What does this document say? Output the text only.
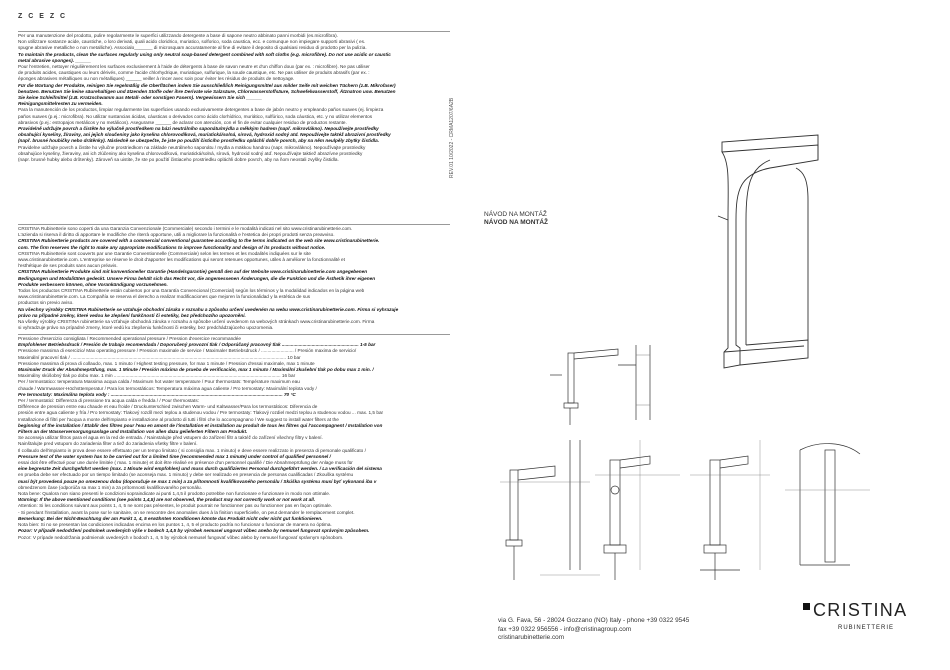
Z C E Z C
Per una manutenzione del prodotto, pulire regolarmente le superfici utilizzando detergente a base di sapone neutro abbinato panni morbidi (es.microfibra).
Non utilizzare sostanze acide, caustiche, o loro derivati, quali acido cloridrico, muriatico, solforico, soda caustica, ecc. e comunque non impiegare supporti abrasivi ( es.
spugne abrasive metalliche o non metalliche). Associalo_______ di microsquam accuratamente al fine di evitare il deposito di qualsiasi residuo di prodotto per la pulizia.
To maintain the products, clean the surfaces regularly using only neutral soap-based detergent combined with soft cloths (e.g. microfibre). Do not use acidic or caustic
metal abrasive sponges). ______
Pour l'entretien, nettoyer régulièrement les surfaces exclusivement à l'aide de détergents à base de savon neutre et d'un chiffon doux (par ex. : microfibre). Ne pas utiliser
de produits acides, caustiques ou leurs dérivés, comme l'acide chlorhydrique, muriatique, sulfurique, la soude caustique, etc. Ne pas utiliser de produits abrasifs (par ex. :
éponges abrasives métalliques ou non métalliques) ______ veiller à rincer avec soin pour éviter les résidus de produits de nettoyage.
Für die Wartung der Produkte, reinigen Sie regelmäßig die Oberflächen indem Sie ausschließlich Reinigungsmittel aus milder Seife mit weichen Tüchern (z.B. Mikrofaser)
benutzen. Benutzen Sie keine säurehaltigen und ätzenden Stoffe oder ihre Derivate wie Salzsäure, Chlorwasserstoffsäure, Schwefelwasserstoff, Ätznatron usw. Benutzen
Sie keine Schleifmittel (z.B. Kratzschwamm aus Metall- oder sonstigen Fasern). Vergewissern Sie sich ______
Reinigungsmittelresten zu vermeiden.
Para la manutención de los productos, limpiar regularmente las superficies usando exclusivamente detergentes a base de jabón neutro y empleando paños suaves (ej. limpieza
paños suaves (p.ej.: microfibra). No utilizar sustancias ácidas, cáusticas o derivados como ácido clorhídrico, muriático, sulfúrico, soda cáustica, etc. y no utilizar elementos
abrasivos (p.ej.: estropajos metálicos y no metálicos). Asegurarse ______ de aclarar con atención, con el fin de evitar cualquier residuo de productos restante.
Pravidelně udržujte povrch a čistěte ho výlučně prostředkem na bázi neutrálního saponátu/mýdla a měkkým hadrem (např. mikrovlákno). Nepoužívejte prostředky
obsahující kyseliny, žíraviny, ani jejich sloučeniny jako kyselina chlorovodíková, muriatická/solná, sírová, hydroxid sodný atd. Nepoužívejte taktéž abrazivní prostředky
(např. brusné houbičky nebo drátěnky). Následně se ubezpečte, že jste po použití čisticího prostředku opláchli dobře povrch, aby na něm neulpěly zbytky čistidla.
Pravidelne udržujte povrch a čistite ho výlučne prostriedkom na základe neutrálneho saponátu / mydla a mäkkou handrou (napr. mikrovlákno). Nepoužívajte prostriedky
obsahujúce kyseliny, žieraviny, ani ich zlúčeniny ako kyselina chlorovodíková, muriatická/solná, sírová, hydroxid sodný atď. Nepoužívajte taktiež abrazívne prostriedky
(napr. brusné hubky alebo drôtenky). Zároveň sa uistite, že ste po použití čistiaceho prostriedku opláchli dobre povrch, aby na ňom neostali zvyšky čistidla.
CRISTINA Rubinetterie sono coperti da una Garanzia Convenzionale (Commerciale) secondo i termini e le modalità indicati nel sito www.cristinarubinetterie.com.
L'azienda si riserva il diritto di apportare le modifiche che riterrà opportune, utili a migliorare la funzionalità e l'estetica dei propri prodotti senza preavviso.
CRISTINA Rubinetterie products are covered with a commercial conventional guarantee according to the terms indicated on the web site www.cristinarubinetterie.
com. The firm reserves the right to make any appropriate modifications to improve functionality and design of its products without notice.
CRISTINA Rubinetterie sont couverts par une Garantie Conventionnelle (Commerciale) selon les termes et les modalités indiquées sur le site
www.cristinarubinetterie.com. L'entreprise se réserve le droit d'apporter les modifications qui seront retenues opportunes, utiles à améliorer la fonctionnalité et
l'esthétique de ses produits sans aucun préavis.
CRISTINA Rubinetterie Produkte sind mit konventioneller Garantie (Handelsgarantie) gemäß den auf der Website www.cristinarubinetterie.com angegebenen
Bedingungen und Modalitäten gedeckt. Unsere Firma behält sich das Recht vor, die angemessenen Änderungen, die die Funktion und die Ästhetik ihrer eigenen
Produkte verbessern können, ohne Vorankündigung vorzunehmen.
Todos los productos CRISTINA Rubinetterie están cubiertos por una Garantía Convencional (Comercial) según los términos y la modalidad indicados en la página web
www.cristinarubinetterie.com. La Compañía se reserva el derecho a realizar modificaciones que mejoren la funcionalidad y la estética de sus
productos sin previo aviso.
Na všechny výrobky CRISTINA Rubinetterie se vztahuje obchodní záruka v rozsahu a způsobu určení uvedeném na webu www.cristinarubinetterie.com. Firma si vyhrazuje
právo na případné změny, které vedou ke zlepšení funkčnosti či estetiky, bez předchozího upozornění.
Na všetky výrobky CRISTINA rubinetterie sa vzťahuje obchodná záruka v rozsahu a spôsobe určení uvedenom na webových stránkach www.cristinarubinetterie.com. Firma
si vyhradzuje právo na prípadné zmeny, ktoré vedú ku zlepšeniu funkčnosti či estetiky, bez predchádzajúceho upozornenia.
Pressione d'esercizio consigliata / Recommended operational pressure / Pression d'exercice recommandée
Empfohlener Betriebsdruck / Presión de trabajo recomendada / Doporučený provozní tlak / Odporúčaný pracovný tlak ........................................................... 1-5 bar
Pressione massima di esercizio/ Max operating pressure / Pression maximale de service / Maximaler Betriebsdruck / ......................... / Presión maxima de servicio/
Maximální pracovní tlak / ..................................................................................................................................................................... 10 bar
Pressione massima di prova di collaudo, max. 1 minuto / Highest testing pressure, for max 1 minute / Pression d'essai maximale, max 1 minute
Maximaler Druck der Abnahmeprüfung, max. 1 Minute / Presión máxima de prueba de verificación, max 1 minuto / Maximální zkušební tlak po dobu max 1 min. /
Maximálny skúšobný tlak po dobu max. 1 min ................................................................................................................................ 16 bar
Per / termostatico: temperatura Massima acqua calda / Maximum hot water temperature / Pour thermostats: Température maximum eau
chaude / Warmwasser-Höchsttemperatur / Para los termostáticos: Temperatura máxima agua caliente / Pro termostaty: Maximální teplota vody /
Pre termostaty: Maximálna teplota vody : .................................................................................................................................... 70 °C
Per / termostatici: Differenza di pressione tra acqua calda e fredda / / Pour thermostats:
Différence de pression entre eau chaude et eau froide / Druckunterschied zwischen Warm- und Kaltwasser/Para los termostáticos: Diferencia de
presión entre agua caliente y fría / Pro termostaty: Tlakový rozdíl mezi teplou a studenou vodou / Pre termostaty: Tlakový rozdiel medzi teplou a studenou vodou ... max. 1,5 bar
Installazione di filtri per l'acqua a monte dell'impianto e installazione al prodotto di tutti i filtri che lo accompagnano / We suggest to install water filters at the
beginning of the installation / Etablir des filtres pour l'eau en amont de l'installation et installation au produit de tous les filtres qui l'accompagnent / Installation von
Filtern an der Wasserversorgungsanlage und Installation von allen dazu gelieferten Filtern am Produkt.
Se aconseja utilizar filtros para el agua en la red de entrada. / Nainstalujte před vstupem do zařízení filtr a taktéž do zařízení všechny filtry v balení.
Nainštalujte pred vstupom do zariadenia filter a tiež do zariadenia všetky filtre v balení.
Il collaudo dell'impianto in prova deve essere effettuato per un tempo limitato ( si consiglia max. 1 minuto) e deve essere realizzato in presenza di personale qualificato /
Pressure test of the water system has to be carried out for a limited time (recommended max 1 minute) under control of qualified personnel /
essai doit être effectué pour une durée limitée ( max. 1 minute) et doit être réalisé en présence d'un personnel qualifié / Die Abnahmeprüfung der Anlage muss für
eine begrenzte Zeit durchgeführt werden (max. 1 Minute wird empfohlen) und muss durch qualifiziertes Personal durchgeführt werden. / La verificación del sistema
en prueba debe ser efectuado por un tiempo limitado (se aconseja max. 1 minuto) y debe ser realizado en presencia de personas cualificadas / Zkouška systému
musí být provedená pouze po omezenou dobu (doporučuje se max 1 min) a za přítomnosti kvalifikovaného personálu / Skúška systému musí byť vykonaná iba v
obmedzenom čase (odporúča sa max 1 min) a za prítomnosti kvalifikovaného personálu.
Nota bene: Qualora non siano presenti le condizioni sopraindicate ai punti 1,4,5 il prodotto potrebbe non funzionare e funzionare in modo non ottimale.
Warning: If the above mentioned conditions (see points 1,4,5) are not observed, the product may not correctly work or not work at all.
Attention: Si les conditions suivant aux points 1, 4, 5 ne sont pas présentes, le produit pourrait ne fonctionner pas ou fonctionner pas en façon optimale.
- Si pendant l'installation, avant la pose sur le sanitaire, on se rencontre des anomalies dues à la finition superficielle, on peut demander le remplacement complet.
Bemerkung: Bei der Nicht-Beachtung der am Punkt 1, 4, 5 erwähnten Konditionen könnte das Produkt nicht oder nicht gut funktionieren.
Nota bien: Si no se presentan las condiciones indicadas encima en los puntos 1, 4, 5 el producto podría no funcionar o funcionar de manera no óptima.
Pozor: V případě nedodržení podmínek uvedených výše v bodech 1,4,5 by výrobek nemusel ungovat vůbec anebo by nemusel fungovat správným způsobem.
Pozor: V prípade nedodržania podmienok uvedených v bodoch 1, 4, 5 by výrobok nemusel fungovať vôbec alebo by nemusel fungovať správnym spôsobom.
REV.01 10/2022 - CRMA1207/6A2B
NÁVOD NA MONTÁŽ
NÁVOD NA MONTÁŽ
via G. Fava, 56 - 28024 Gozzano (NO) Italy - phone +39 0322 9545
fax +39 0322 956556 - info@cristinagroup.com
cristinarubinetterie.com
CRISTINA
RUBINETTERIE
